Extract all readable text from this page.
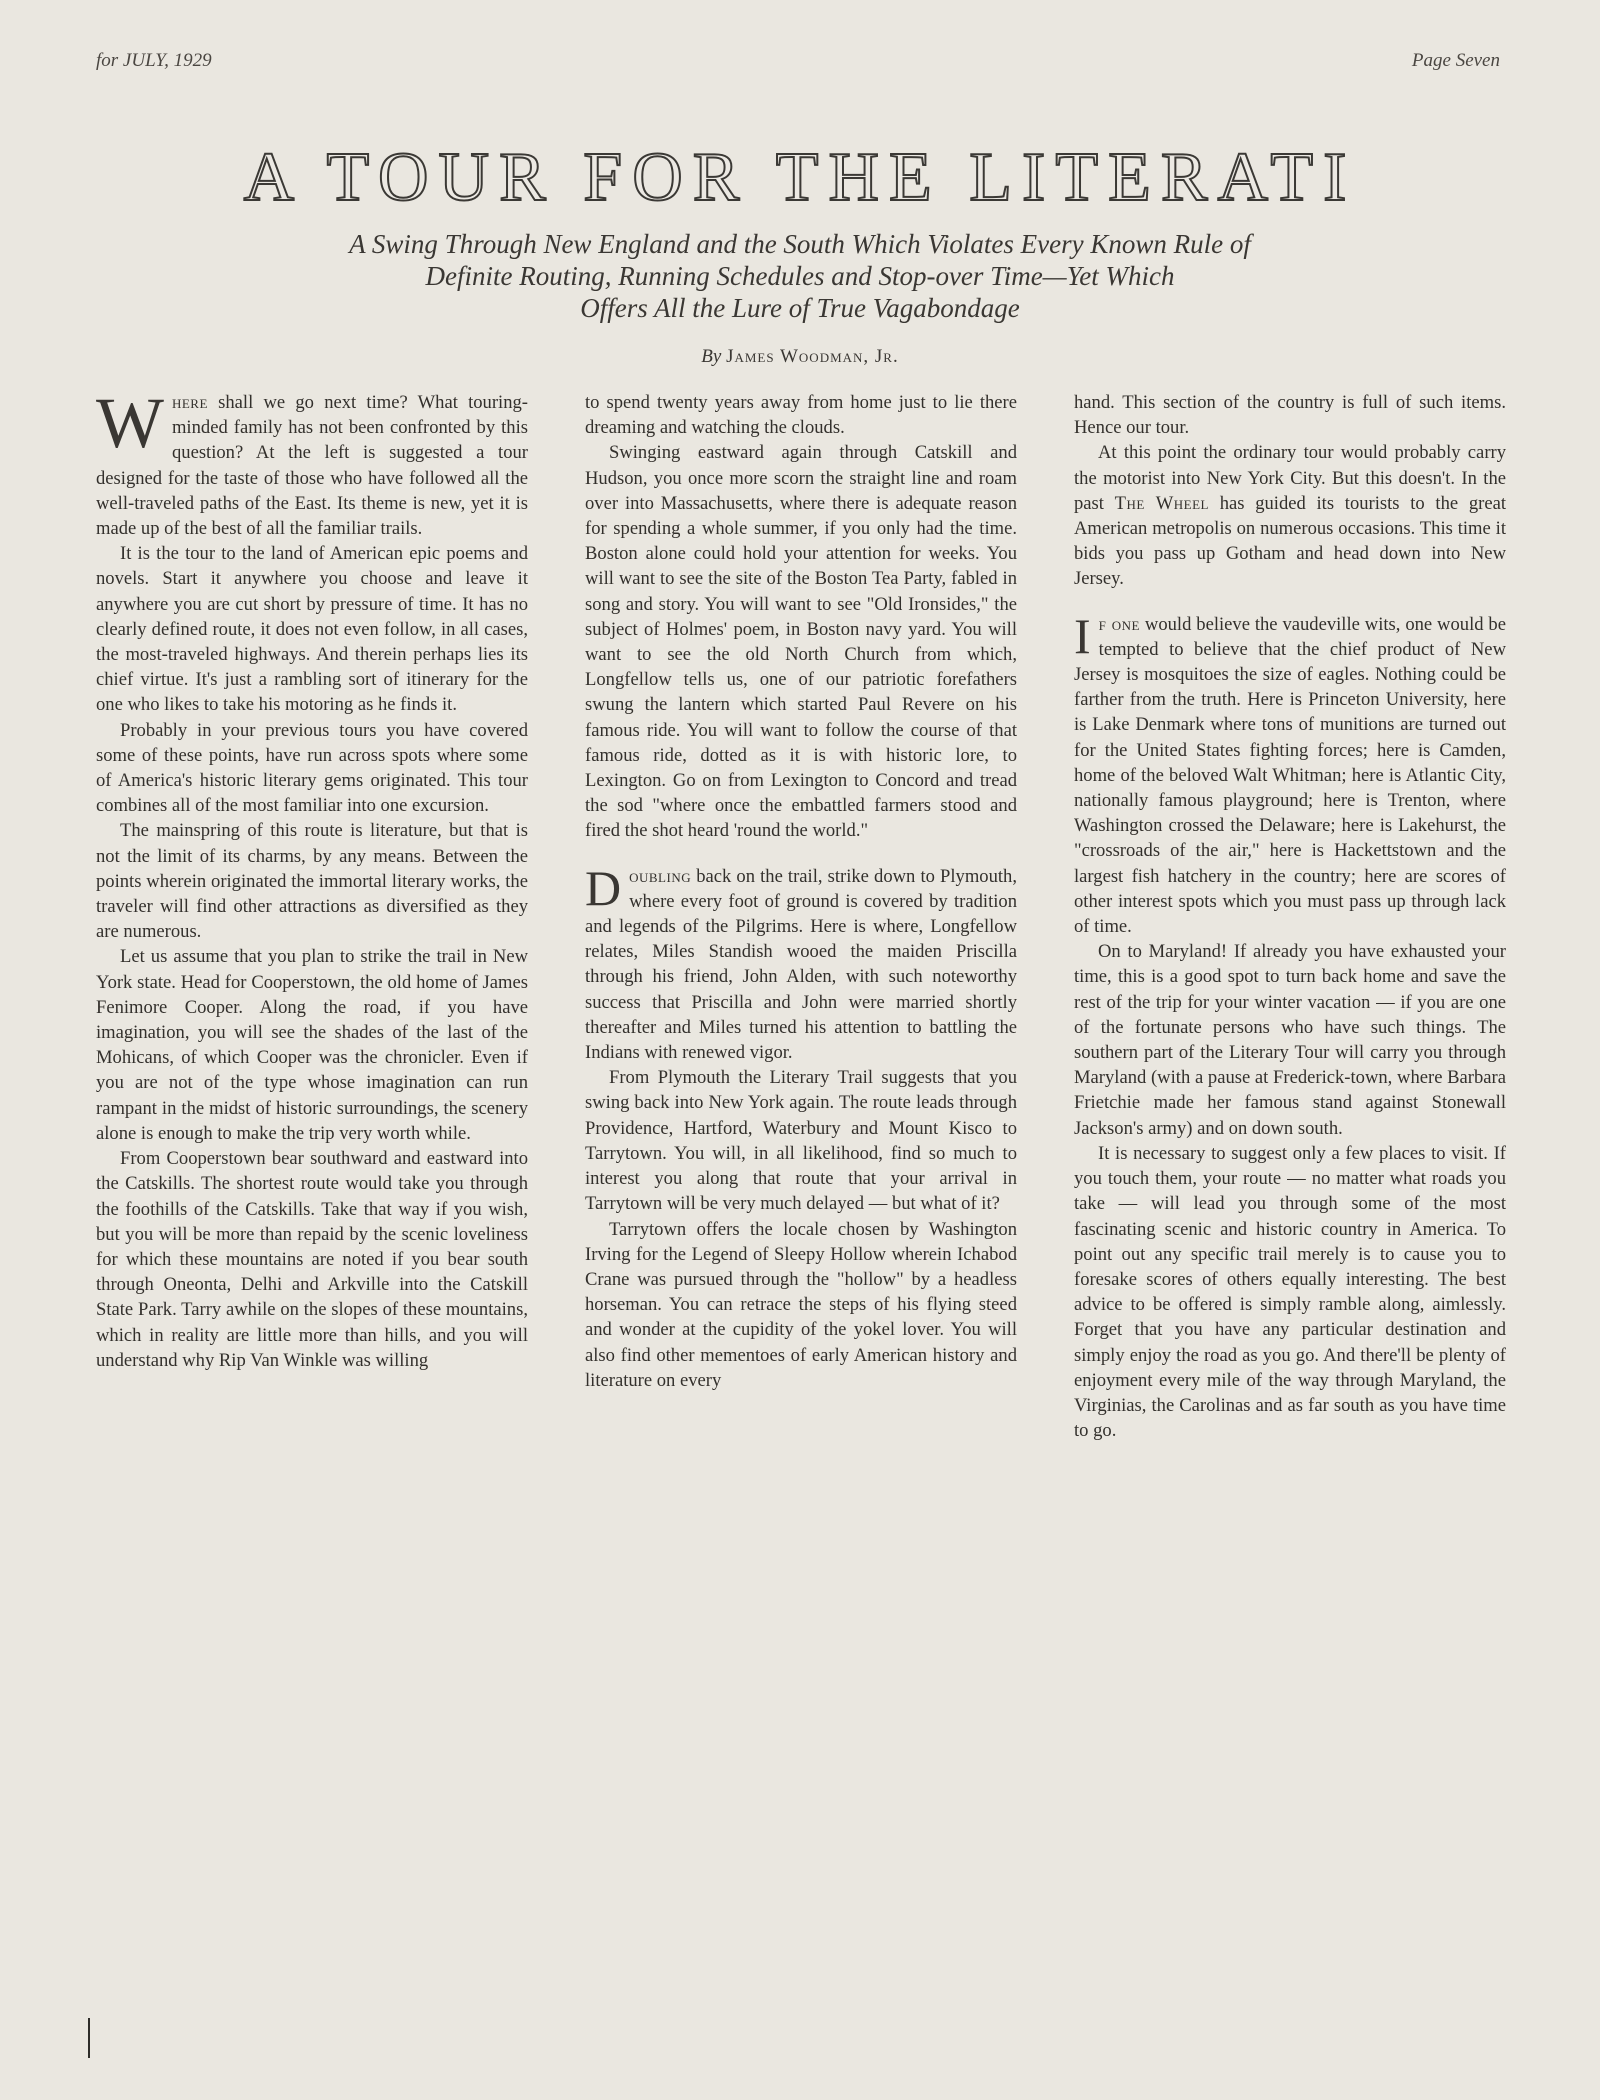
for JULY, 1929	Page Seven
A TOUR FOR THE LITERATI
A Swing Through New England and the South Which Violates Every Known Rule of
Definite Routing, Running Schedules and Stop-over Time—Yet Which
Offers All the Lure of True Vagabondage
By James Woodman, Jr.

Where shall we go next time? What touring-minded family has not been confronted by this question? At the left is suggested a tour designed for the taste of those who have followed all the well-traveled paths of the East. Its theme is new, yet it is made up of the best of all the familiar trails.

It is the tour to the land of American epic poems and novels. Start it anywhere you choose and leave it anywhere you are cut short by pressure of time. It has no clearly defined route, it does not even follow, in all cases, the most-traveled highways. And therein perhaps lies its chief virtue. It's just a rambling sort of itinerary for the one who likes to take his motoring as he finds it.

Probably in your previous tours you have covered some of these points, have run across spots where some of America's historic literary gems originated. This tour combines all of the most familiar into one excursion.

The mainspring of this route is literature, but that is not the limit of its charms, by any means. Between the points wherein originated the immortal literary works, the traveler will find other attractions as diversified as they are numerous.

Let us assume that you plan to strike the trail in New York state. Head for Cooperstown, the old home of James Fenimore Cooper. Along the road, if you have imagination, you will see the shades of the last of the Mohicans, of which Cooper was the chronicler. Even if you are not of the type whose imagination can run rampant in the midst of historic surroundings, the scenery alone is enough to make the trip very worth while.

From Cooperstown bear southward and eastward into the Catskills. The shortest route would take you through the foothills of the Catskills. Take that way if you wish, but you will be more than repaid by the scenic loveliness for which these mountains are noted if you bear south through Oneonta, Delhi and Arkville into the Catskill State Park. Tarry awhile on the slopes of these mountains, which in reality are little more than hills, and you will understand why Rip Van Winkle was willing

to spend twenty years away from home just to lie there dreaming and watching the clouds.

Swinging eastward again through Catskill and Hudson, you once more scorn the straight line and roam over into Massachusetts, where there is adequate reason for spending a whole summer, if you only had the time. Boston alone could hold your attention for weeks. You will want to see the site of the Boston Tea Party, fabled in song and story. You will want to see "Old Ironsides," the subject of Holmes' poem, in Boston navy yard. You will want to see the old North Church from which, Longfellow tells us, one of our patriotic forefathers swung the lantern which started Paul Revere on his famous ride. You will want to follow the course of that famous ride, dotted as it is with historic lore, to Lexington. Go on from Lexington to Concord and tread the sod "where once the embattled farmers stood and fired the shot heard 'round the world."

Doubling back on the trail, strike down to Plymouth, where every foot of ground is covered by tradition and legends of the Pilgrims. Here is where, Longfellow relates, Miles Standish wooed the maiden Priscilla through his friend, John Alden, with such noteworthy success that Priscilla and John were married shortly thereafter and Miles turned his attention to battling the Indians with renewed vigor.

From Plymouth the Literary Trail suggests that you swing back into New York again. The route leads through Providence, Hartford, Waterbury and Mount Kisco to Tarrytown. You will, in all likelihood, find so much to interest you along that route that your arrival in Tarrytown will be very much delayed — but what of it?

Tarrytown offers the locale chosen by Washington Irving for the Legend of Sleepy Hollow wherein Ichabod Crane was pursued through the "hollow" by a headless horseman. You can retrace the steps of his flying steed and wonder at the cupidity of the yokel lover. You will also find other mementoes of early American history and literature on every

hand. This section of the country is full of such items. Hence our tour.

At this point the ordinary tour would probably carry the motorist into New York City. But this doesn't. In the past The Wheel has guided its tourists to the great American metropolis on numerous occasions. This time it bids you pass up Gotham and head down into New Jersey.

If one would believe the vaudeville wits, one would be tempted to believe that the chief product of New Jersey is mosquitoes the size of eagles. Nothing could be farther from the truth. Here is Princeton University, here is Lake Denmark where tons of munitions are turned out for the United States fighting forces; here is Camden, home of the beloved Walt Whitman; here is Atlantic City, nationally famous playground; here is Trenton, where Washington crossed the Delaware; here is Lakehurst, the "crossroads of the air," here is Hackettstown and the largest fish hatchery in the country; here are scores of other interest spots which you must pass up through lack of time.

On to Maryland! If already you have exhausted your time, this is a good spot to turn back home and save the rest of the trip for your winter vacation — if you are one of the fortunate persons who have such things. The southern part of the Literary Tour will carry you through Maryland (with a pause at Frederick-town, where Barbara Frietchie made her famous stand against Stonewall Jackson's army) and on down south.

It is necessary to suggest only a few places to visit. If you touch them, your route — no matter what roads you take — will lead you through some of the most fascinating scenic and historic country in America. To point out any specific trail merely is to cause you to foresake scores of others equally interesting. The best advice to be offered is simply ramble along, aimlessly. Forget that you have any particular destination and simply enjoy the road as you go. And there'll be plenty of enjoyment every mile of the way through Maryland, the Virginias, the Carolinas and as far south as you have time to go.
